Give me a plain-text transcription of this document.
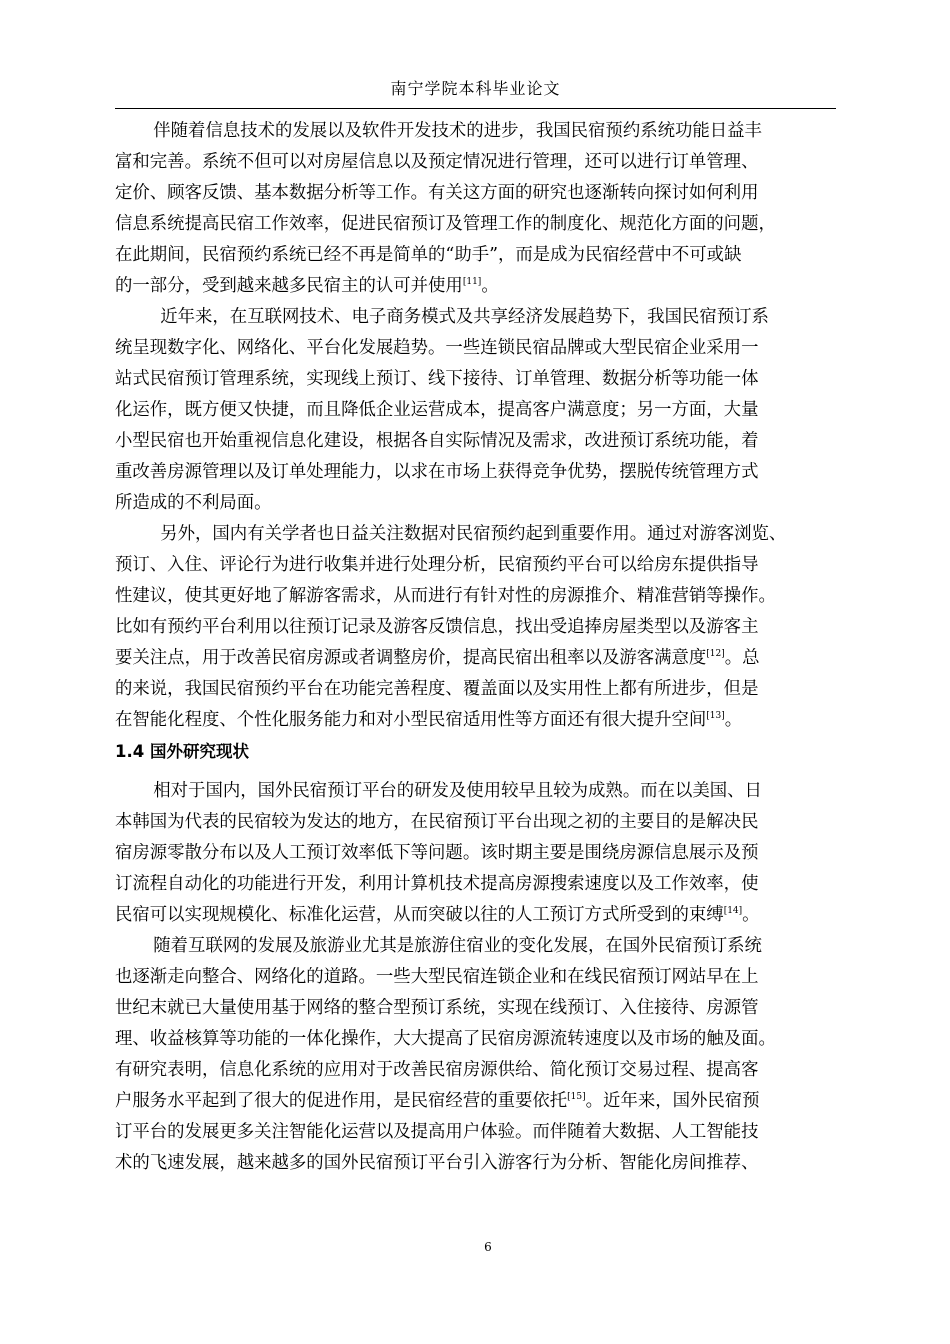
南宁学院本科毕业论文

伴随着信息技术的发展以及软件开发技术的进步，我国民宿预约系统功能日益丰
富和完善。系统不但可以对房屋信息以及预定情况进行管理，还可以进行订单管理、
定价、顾客反馈、基本数据分析等工作。有关这方面的研究也逐渐转向探讨如何利用
信息系统提高民宿工作效率，促进民宿预订及管理工作的制度化、规范化方面的问题，
在此期间，民宿预约系统已经不再是简单的“助手”，而是成为民宿经营中不可或缺
的一部分，受到越来越多民宿主的认可并使用[11]。

近年来，在互联网技术、电子商务模式及共享经济发展趋势下，我国民宿预订系
统呈现数字化、网络化、平台化发展趋势。一些连锁民宿品牌或大型民宿企业采用一
站式民宿预订管理系统，实现线上预订、线下接待、订单管理、数据分析等功能一体
化运作，既方便又快捷，而且降低企业运营成本，提高客户满意度；另一方面，大量
小型民宿也开始重视信息化建设，根据各自实际情况及需求，改进预订系统功能，着
重改善房源管理以及订单处理能力，以求在市场上获得竞争优势，摆脱传统管理方式
所造成的不利局面。

另外，国内有关学者也日益关注数据对民宿预约起到重要作用。通过对游客浏览、
预订、入住、评论行为进行收集并进行处理分析，民宿预约平台可以给房东提供指导
性建议，使其更好地了解游客需求，从而进行有针对性的房源推介、精准营销等操作。
比如有预约平台利用以往预订记录及游客反馈信息，找出受追捧房屋类型以及游客主
要关注点，用于改善民宿房源或者调整房价，提高民宿出租率以及游客满意度[12]。总
的来说，我国民宿预约平台在功能完善程度、覆盖面以及实用性上都有所进步，但是
在智能化程度、个性化服务能力和对小型民宿适用性等方面还有很大提升空间[13]。

1.4 国外研究现状

相对于国内，国外民宿预订平台的研发及使用较早且较为成熟。而在以美国、日
本韩国为代表的民宿较为发达的地方，在民宿预订平台出现之初的主要目的是解决民
宿房源零散分布以及人工预订效率低下等问题。该时期主要是围绕房源信息展示及预
订流程自动化的功能进行开发，利用计算机技术提高房源搜索速度以及工作效率，使
民宿可以实现规模化、标准化运营，从而突破以往的人工预订方式所受到的束缚[14]。

随着互联网的发展及旅游业尤其是旅游住宿业的变化发展，在国外民宿预订系统
也逐渐走向整合、网络化的道路。一些大型民宿连锁企业和在线民宿预订网站早在上
世纪末就已大量使用基于网络的整合型预订系统，实现在线预订、入住接待、房源管
理、收益核算等功能的一体化操作，大大提高了民宿房源流转速度以及市场的触及面。
有研究表明，信息化系统的应用对于改善民宿房源供给、简化预订交易过程、提高客
户服务水平起到了很大的促进作用，是民宿经营的重要依托[15]。近年来，国外民宿预
订平台的发展更多关注智能化运营以及提高用户体验。而伴随着大数据、人工智能技
术的飞速发展，越来越多的国外民宿预订平台引入游客行为分析、智能化房间推荐、

6
